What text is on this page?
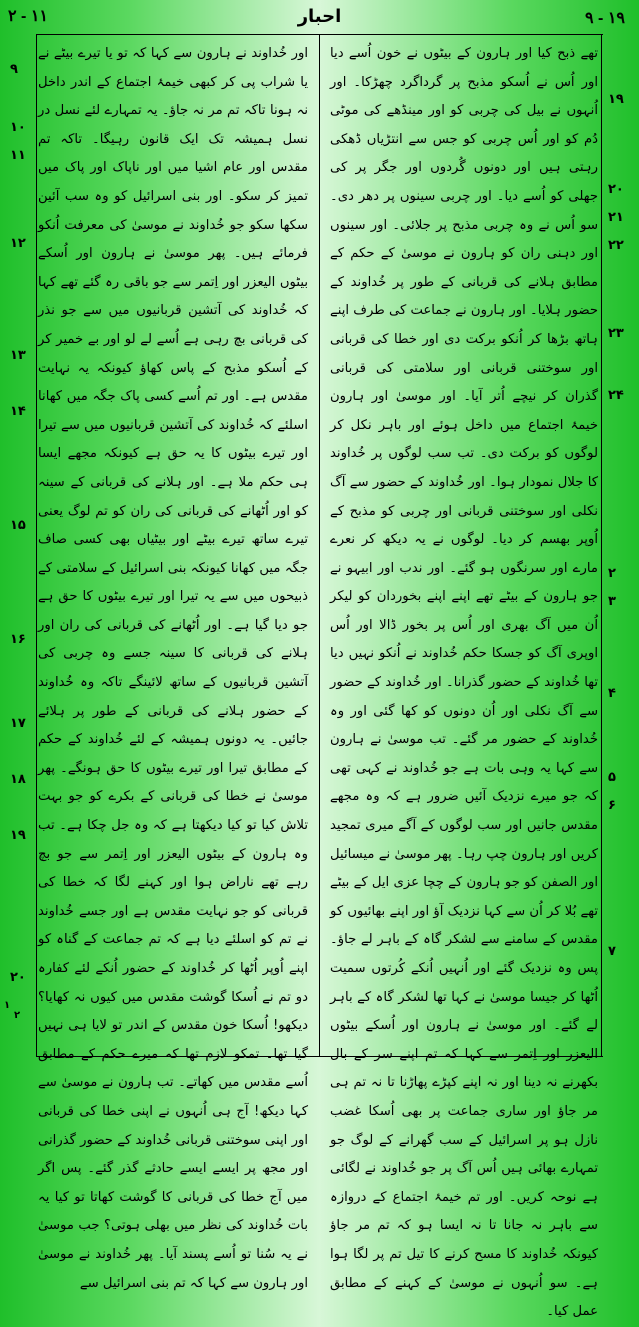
۲ - ۱۱	احبار	۹ - ۱۹
تھے ذبح کیا اور ہارون کے بیٹوں نے خون اُسے دیا اور اُس نے اُسکو مذبح پر گرداگرد چھڑکا۔ اور اُنہوں نے بیل کی چربی کو اور مینڈھے کی موٹی دُم کو اور اُس چربی کو جس سے انتڑیاں ڈھکی رہتی ہیں اور دونوں گُردوں اور جگر پر کی جھلی کو اُسے دیا۔ اور چربی سینوں پر دھر دی۔ سو اُس نے وہ چربی مذبح پر جلائی۔ اور سینوں اور دہنی ران کو ہارون نے موسیٰ کے حکم کے مطابق ہلانے کی قربانی کے طور پر خُداوند کے حضور ہلایا۔ اور ہارون نے جماعت کی طرف اپنے ہاتھ بڑھا کر اُنکو برکت دی اور خطا کی قربانی اور سوختنی قربانی اور سلامتی کی قربانی گذران کر نیچے اُتر آیا۔ اور موسیٰ اور ہارون خیمۂ اجتماع میں داخل ہوئے اور باہر نکل کر لوگوں کو برکت دی۔ تب سب لوگوں پر خُداوند کا جلال نمودار ہوا۔ اور خُداوند کے حضور سے آگ نکلی اور سوختنی قربانی اور چربی کو مذبح کے اُوپر بھسم کر دیا۔ لوگوں نے یہ دیکھ کر نعرے مارے اور سرنگوں ہو گئے۔ اور ندب اور ابیہو نے جو ہارون کے بیٹے تھے اپنے اپنے بخوردان کو لیکر اُن میں آگ بھری اور اُس پر بخور ڈالا اور اُس اوپری آگ کو جسکا حکم خُداوند نے اُنکو نہیں دیا تھا خُداوند کے حضور گذرانا۔ اور خُداوند کے حضور سے آگ نکلی اور اُن دونوں کو کھا گئی اور وہ خُداوند کے حضور مر گئے۔ تب موسیٰ نے ہارون سے کہا یہ وہی بات ہے جو خُداوند نے کہی تھی کہ جو میرے نزدیک آئیں ضرور ہے کہ وہ مجھے مقدس جانیں اور سب لوگوں کے آگے میری تمجید کریں اور ہارون چپ رہا۔ پھر موسیٰ نے میسائیل اور الصفن کو جو ہارون کے چچا عزی ایل کے بیٹے تھے بُلا کر اُن سے کہا نزدیک آؤ اور اپنے بھائیوں کو مقدس کے سامنے سے لشکر گاہ کے باہر لے جاؤ۔ پس وہ نزدیک گئے اور اُنہیں اُنکے کُرتوں سمیت اُٹھا کر جیسا موسیٰ نے کہا تھا لشکر گاہ کے باہر لے گئے۔ اور موسیٰ نے ہارون اور اُسکے بیٹوں الیعزر اور اِتمر سے کہا کہ تم اپنے سر کے بال بکھرنے نہ دینا اور نہ اپنے کپڑے پھاڑنا تا نہ تم ہی مر جاؤ اور ساری جماعت پر بھی اُسکا غضب نازل ہو پر اسرائیل کے سب گھرانے کے لوگ جو تمہارے بھائی ہیں اُس آگ پر جو خُداوند نے لگائی ہے نوحہ کریں۔ اور تم خیمۂ اجتماع کے دروازہ سے باہر نہ جانا تا نہ ایسا ہو کہ تم مر جاؤ کیونکہ خُداوند کا مسح کرنے کا تیل تم پر لگا ہوا ہے۔ سو اُنہوں نے موسیٰ کے کہنے کے مطابق عمل کیا۔
اور خُداوند نے ہارون سے کہا کہ تو یا تیرے بیٹے نے یا شراب پی کر کبھی خیمۂ اجتماع کے اندر داخل نہ ہونا تاکہ تم مر نہ جاؤ۔ یہ تمہارے لئے نسل در نسل ہمیشہ تک ایک قانون رہیگا۔ تاکہ تم مقدس اور عام اشیا میں اور ناپاک اور پاک میں تمیز کر سکو۔ اور بنی اسرائیل کو وہ سب آئین سکھا سکو جو خُداوند نے موسیٰ کی معرفت اُنکو فرمائے ہیں۔ پھر موسیٰ نے ہارون اور اُسکے بیٹوں الیعزر اور اِتمر سے جو باقی رہ گئے تھے کہا کہ خُداوند کی آتشین قربانیوں میں سے جو نذر کی قربانی بچ رہی ہے اُسے لے لو اور بے خمیر کر کے اُسکو مذبح کے پاس کھاؤ کیونکہ یہ نہایت مقدس ہے۔ اور تم اُسے کسی پاک جگہ میں کھانا اسلئے کہ خُداوند کی آتشین قربانیوں میں سے تیرا اور تیرے بیٹوں کا یہ حق ہے کیونکہ مجھے ایسا ہی حکم ملا ہے۔ اور ہلانے کی قربانی کے سینہ کو اور اُٹھانے کی قربانی کی ران کو تم لوگ یعنی تیرے ساتھ تیرے بیٹے اور بیٹیاں بھی کسی صاف جگہ میں کھانا کیونکہ بنی اسرائیل کے سلامتی کے ذبیحوں میں سے یہ تیرا اور تیرے بیٹوں کا حق ہے جو دیا گیا ہے۔ اور اُٹھانے کی قربانی کی ران اور ہلانے کی قربانی کا سینہ جسے وہ چربی کی آتشین قربانیوں کے ساتھ لائینگے تاکہ وہ خُداوند کے حضور ہلانے کی قربانی کے طور پر ہلائے جائیں۔ یہ دونوں ہمیشہ کے لئے خُداوند کے حکم کے مطابق تیرا اور تیرے بیٹوں کا حق ہونگے۔ پھر موسیٰ نے خطا کی قربانی کے بکرے کو جو بہت تلاش کیا تو کیا دیکھتا ہے کہ وہ جل چکا ہے۔ تب وہ ہارون کے بیٹوں الیعزر اور اِتمر سے جو بچ رہے تھے ناراض ہوا اور کہنے لگا کہ خطا کی قربانی کو جو نہایت مقدس ہے اور جسے خُداوند نے تم کو اسلئے دیا ہے کہ تم جماعت کے گناہ کو اپنے اُوپر اُٹھا کر خُداوند کے حضور اُنکے لئے کفارہ دو تم نے اُسکا گوشت مقدس میں کیوں نہ کھایا؟ دیکھو! اُسکا خون مقدس کے اندر تو لایا ہی نہیں گیا تھا۔ تمکو لازم تھا کہ میرے حکم کے مطابق اُسے مقدس میں کھاتے۔ تب ہارون نے موسیٰ سے کہا دیکھ! آج ہی اُنہوں نے اپنی خطا کی قربانی اور اپنی سوختنی قربانی خُداوند کے حضور گذرانی اور مجھ پر ایسے ایسے حادثے گذر گئے۔ پس اگر میں آج خطا کی قربانی کا گوشت کھاتا تو کیا یہ بات خُداوند کی نظر میں بھلی ہوتی؟ جب موسیٰ نے یہ سُنا تو اُسے پسند آیا۔ پھر خُداوند نے موسیٰ اور ہارون سے کہا کہ تم بنی اسرائیل سے
۱۹
۲۰
۲۱
۲۲
۲۳
۲۴
۲
۳
۴
۵
۶
۷
۹
۱۰
۱۱
۱۲
۱۳
۱۴
۱۵
۱۶
۱۷
۱۸
۱۹
۲۰
۱
۲
